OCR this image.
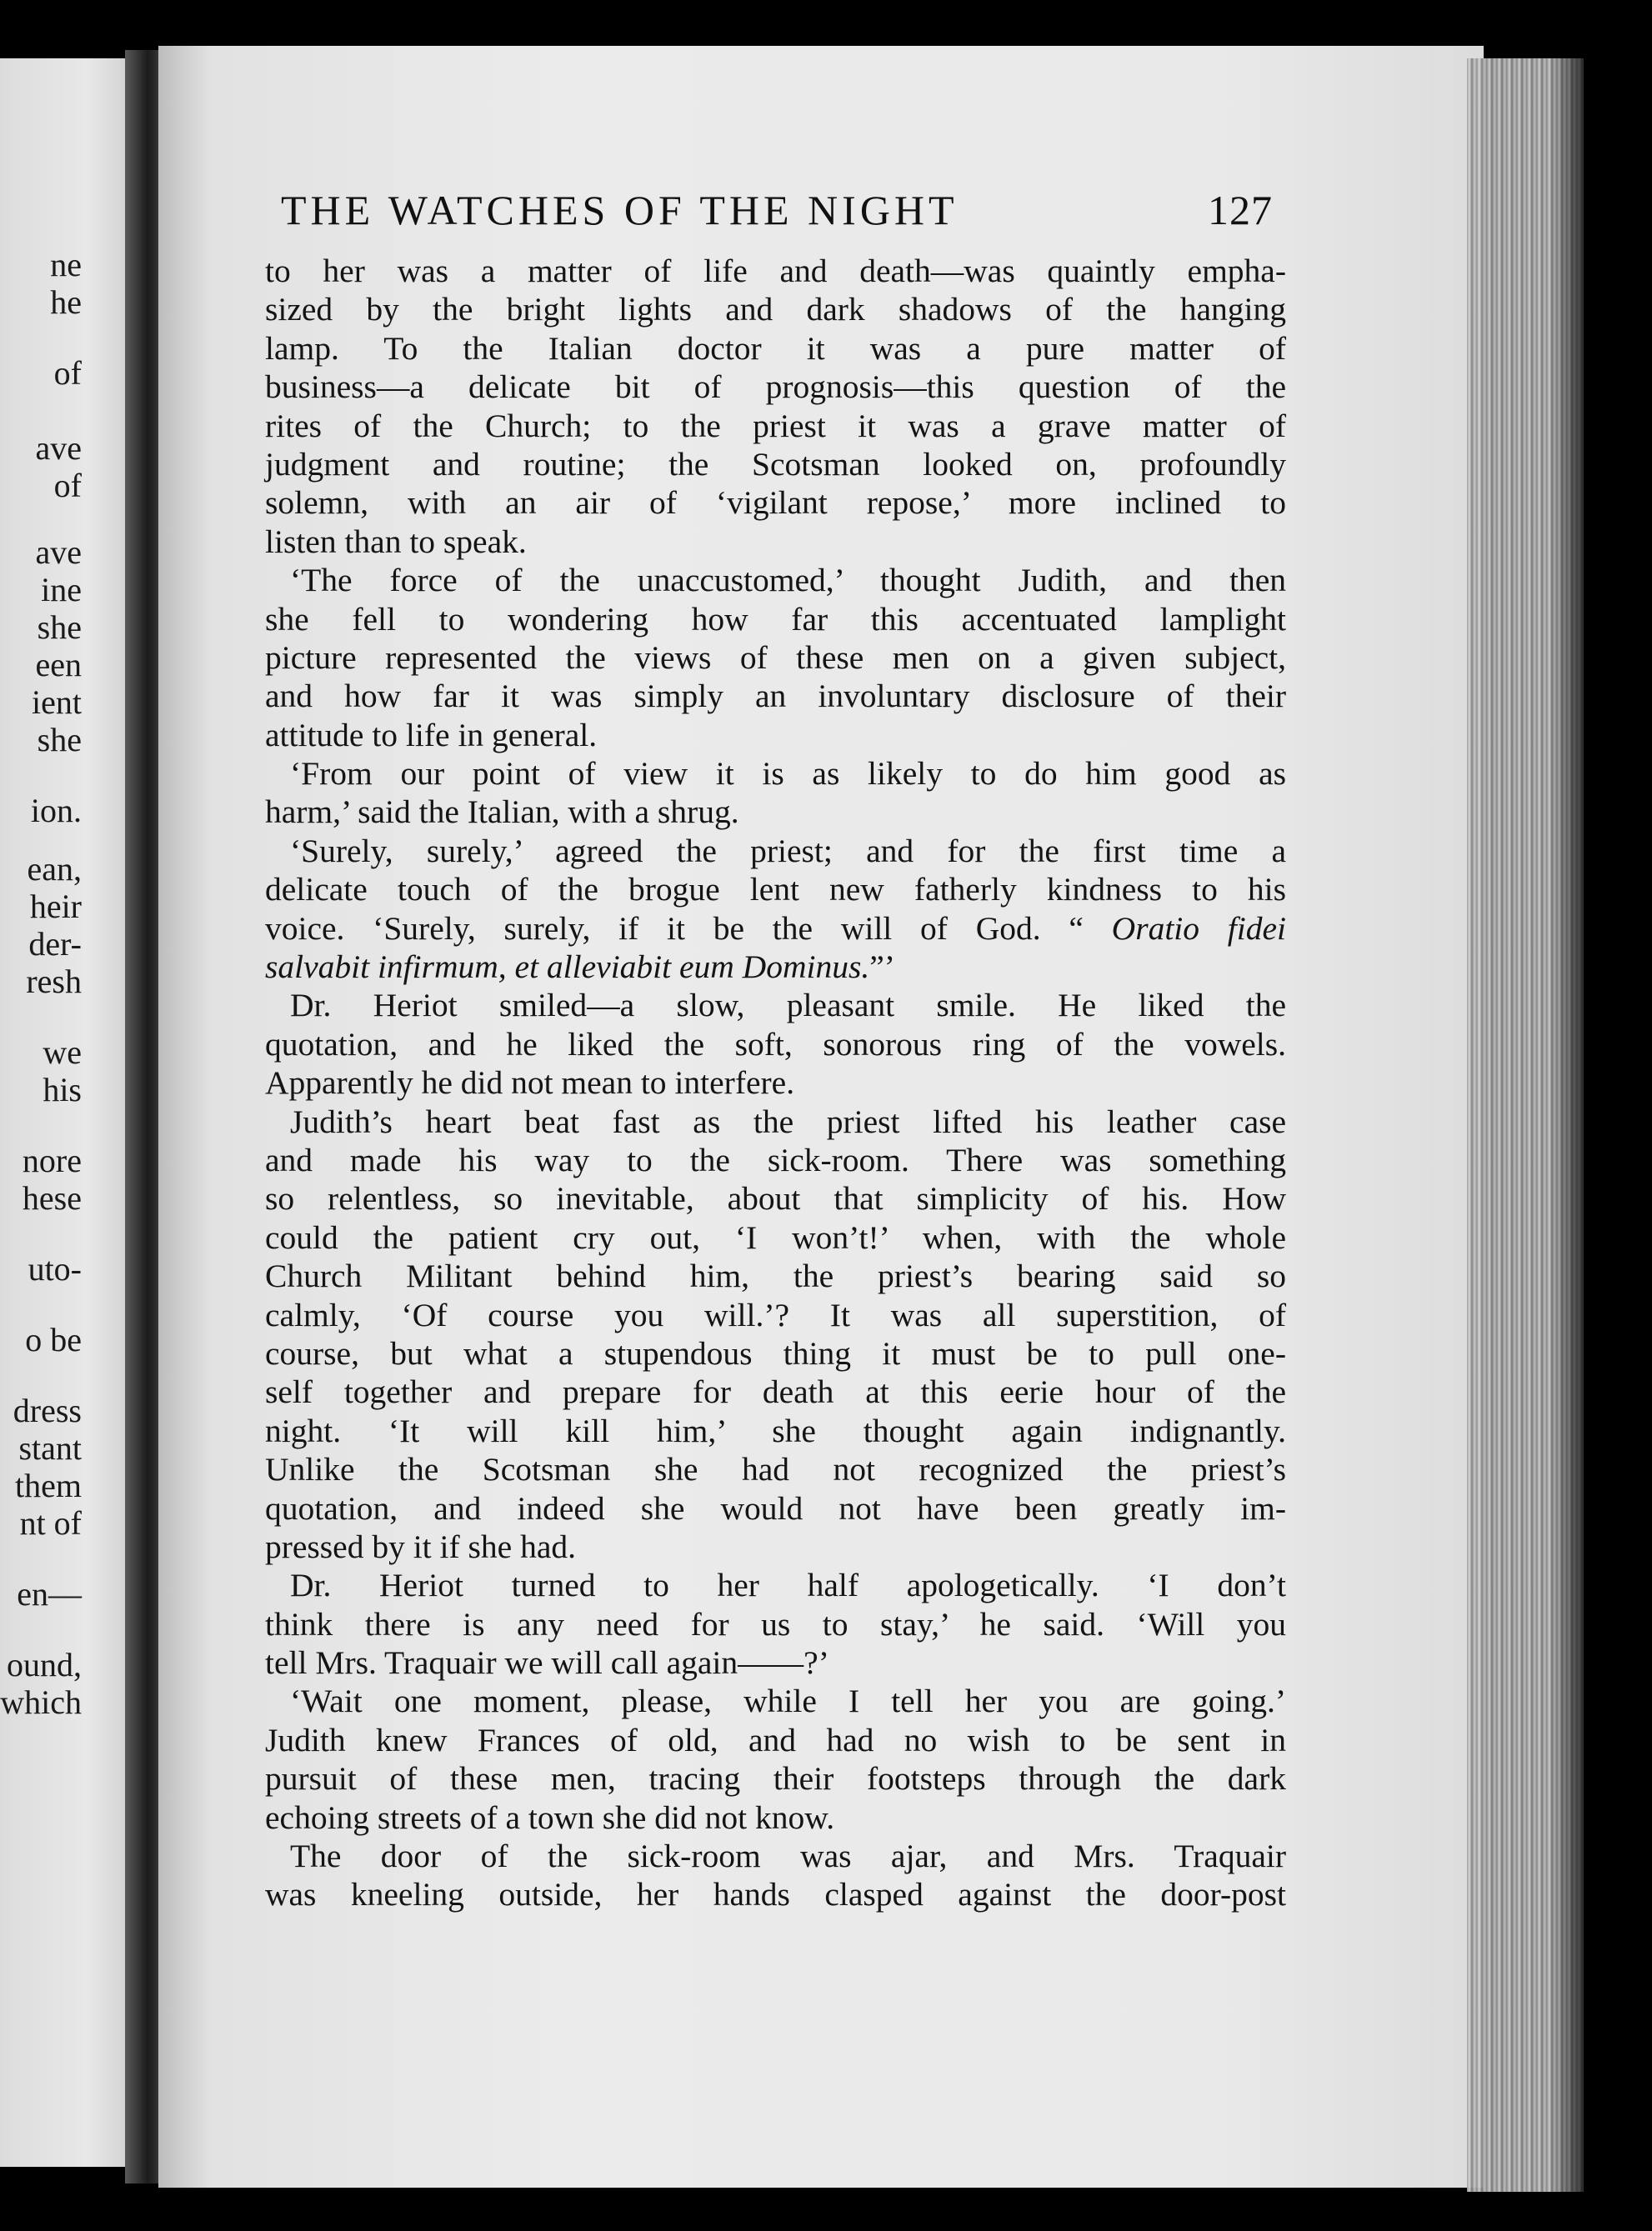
ne
he
of
ave
of
ave
ine
she
een
ient
she
ion.
ean,
heir
der-
resh
we
his
nore
hese
uto-
o be
dress
stant
them
nt of
en—
ound,
which
THE WATCHES OF THE NIGHT	127
to her was a matter of life and death—was quaintly empha-
sized by the bright lights and dark shadows of the hanging
lamp. To the Italian doctor it was a pure matter of
business—a delicate bit of prognosis—this question of the
rites of the Church; to the priest it was a grave matter of
judgment and routine; the Scotsman looked on, profoundly
solemn, with an air of ‘vigilant repose,’ more inclined to
listen than to speak.
‘The force of the unaccustomed,’ thought Judith, and then
she fell to wondering how far this accentuated lamplight
picture represented the views of these men on a given subject,
and how far it was simply an involuntary disclosure of their
attitude to life in general.
‘From our point of view it is as likely to do him good as
harm,’ said the Italian, with a shrug.
‘Surely, surely,’ agreed the priest; and for the first time a
delicate touch of the brogue lent new fatherly kindness to his
voice. ‘Surely, surely, if it be the will of God. “ Oratio fidei
salvabit infirmum, et alleviabit eum Dominus.”’
Dr. Heriot smiled—a slow, pleasant smile. He liked the
quotation, and he liked the soft, sonorous ring of the vowels.
Apparently he did not mean to interfere.
Judith’s heart beat fast as the priest lifted his leather case
and made his way to the sick-room. There was something
so relentless, so inevitable, about that simplicity of his. How
could the patient cry out, ‘I won’t!’ when, with the whole
Church Militant behind him, the priest’s bearing said so
calmly, ‘Of course you will.’? It was all superstition, of
course, but what a stupendous thing it must be to pull one-
self together and prepare for death at this eerie hour of the
night. ‘It will kill him,’ she thought again indignantly.
Unlike the Scotsman she had not recognized the priest’s
quotation, and indeed she would not have been greatly im-
pressed by it if she had.
Dr. Heriot turned to her half apologetically. ‘I don’t
think there is any need for us to stay,’ he said. ‘Will you
tell Mrs. Traquair we will call again——?’
‘Wait one moment, please, while I tell her you are going.’
Judith knew Frances of old, and had no wish to be sent in
pursuit of these men, tracing their footsteps through the dark
echoing streets of a town she did not know.
The door of the sick-room was ajar, and Mrs. Traquair
was kneeling outside, her hands clasped against the door-post
